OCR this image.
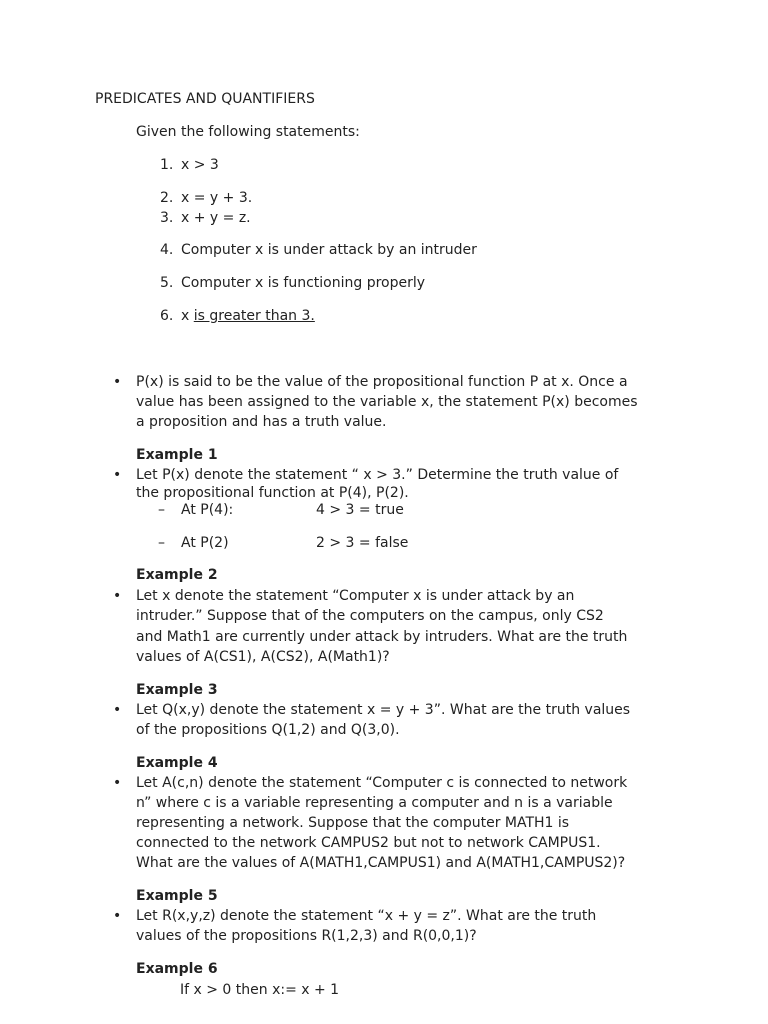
PREDICATES AND QUANTIFIERS
Given the following statements:
1. x > 3
2. x = y + 3.
3. x + y = z.
4. Computer x is under attack by an intruder
5. Computer x is functioning properly
6. x is greater than 3.
• P(x) is said to be the value of the propositional function P at x. Once a
value has been assigned to the variable x, the statement P(x) becomes
a proposition and has a truth value.
Example 1
• Let P(x) denote the statement “ x > 3.” Determine the truth value of
the propositional function at P(4), P(2).
– At P(4):	4 > 3 = true
– At P(2)	2 > 3 = false
Example 2
• Let x denote the statement “Computer x is under attack by an
intruder.” Suppose that of the computers on the campus, only CS2
and Math1 are currently under attack by intruders. What are the truth
values of A(CS1), A(CS2), A(Math1)?
Example 3
• Let Q(x,y) denote the statement x = y + 3”. What are the truth values
of the propositions Q(1,2) and Q(3,0).
Example 4
• Let A(c,n) denote the statement “Computer c is connected to network
n” where c is a variable representing a computer and n is a variable
representing a network. Suppose that the computer MATH1 is
connected to the network CAMPUS2 but not to network CAMPUS1.
What are the values of A(MATH1,CAMPUS1) and A(MATH1,CAMPUS2)?
Example 5
• Let R(x,y,z) denote the statement “x + y = z”. What are the truth
values of the propositions R(1,2,3) and R(0,0,1)?
Example 6
If x > 0 then x:= x + 1
